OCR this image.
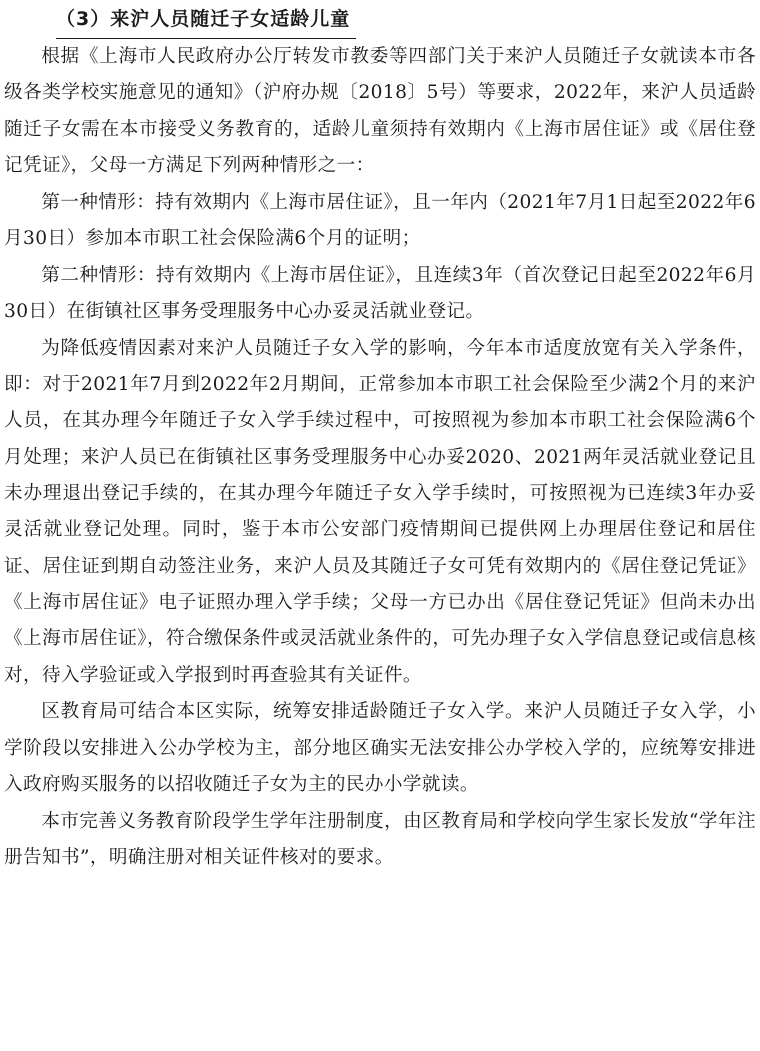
（3）来沪人员随迁子女适龄儿童

根据《上海市人民政府办公厅转发市教委等四部门关于来沪人员随迁子女就读本市各级各类学校实施意见的通知》（沪府办规〔2018〕5号）等要求，2022年，来沪人员适龄随迁子女需在本市接受义务教育的，适龄儿童须持有效期内《上海市居住证》或《居住登记凭证》，父母一方满足下列两种情形之一：

第一种情形：持有效期内《上海市居住证》，且一年内（2021年7月1日起至2022年6月30日）参加本市职工社会保险满6个月的证明；

第二种情形：持有效期内《上海市居住证》，且连续3年（首次登记日起至2022年6月30日）在街镇社区事务受理服务中心办妥灵活就业登记。

为降低疫情因素对来沪人员随迁子女入学的影响，今年本市适度放宽有关入学条件，即：对于2021年7月到2022年2月期间，正常参加本市职工社会保险至少满2个月的来沪人员，在其办理今年随迁子女入学手续过程中，可按照视为参加本市职工社会保险满6个月处理；来沪人员已在街镇社区事务受理服务中心办妥2020、2021两年灵活就业登记且未办理退出登记手续的，在其办理今年随迁子女入学手续时，可按照视为已连续3年办妥灵活就业登记处理。同时，鉴于本市公安部门疫情期间已提供网上办理居住登记和居住证、居住证到期自动签注业务，来沪人员及其随迁子女可凭有效期内的《居住登记凭证》《上海市居住证》电子证照办理入学手续；父母一方已办出《居住登记凭证》但尚未办出《上海市居住证》，符合缴保条件或灵活就业条件的，可先办理子女入学信息登记或信息核对，待入学验证或入学报到时再查验其有关证件。

区教育局可结合本区实际，统筹安排适龄随迁子女入学。来沪人员随迁子女入学，小学阶段以安排进入公办学校为主，部分地区确实无法安排公办学校入学的，应统筹安排进入政府购买服务的以招收随迁子女为主的民办小学就读。

本市完善义务教育阶段学生学年注册制度，由区教育局和学校向学生家长发放“学年注册告知书”，明确注册对相关证件核对的要求。
